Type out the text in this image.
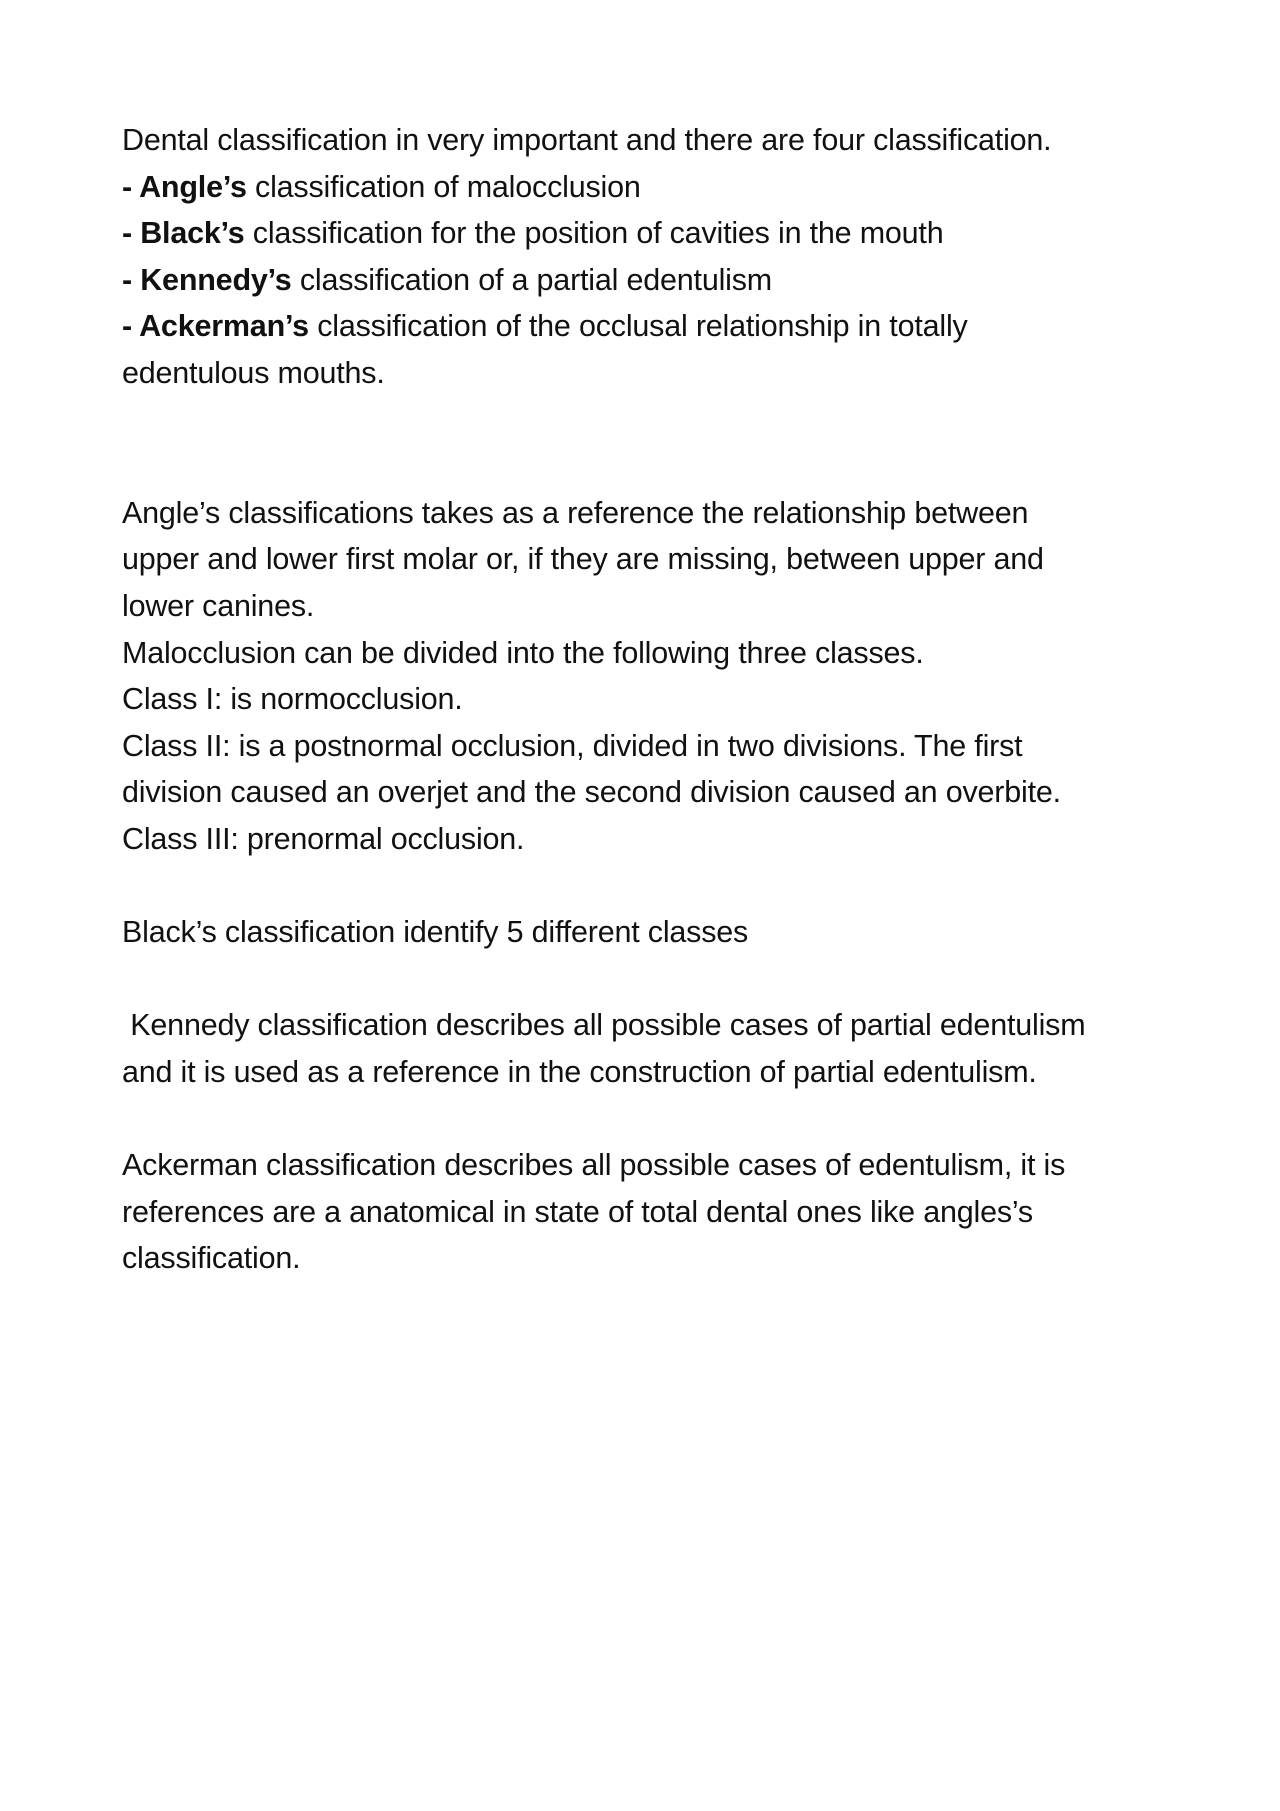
Dental classification in very important and there are four classification.
- Angle’s classification of malocclusion
- Black’s classification for the position of cavities in the mouth
- Kennedy’s classification of a partial edentulism
- Ackerman’s classification of the occlusal relationship in totally
edentulous mouths.
Angle’s classifications takes as a reference the relationship between
upper and lower first molar or, if they are missing, between upper and
lower canines.
Malocclusion can be divided into the following three classes.
Class I: is normocclusion.
Class II: is a postnormal occlusion, divided in two divisions. The first
division caused an overjet and the second division caused an overbite.
Class III: prenormal occlusion.
Black’s classification identify 5 different classes
Kennedy classification describes all possible cases of partial edentulism
and it is used as a reference in the construction of partial edentulism.
Ackerman classification describes all possible cases of edentulism, it is
references are a anatomical in state of total dental ones like angles’s
classification.
